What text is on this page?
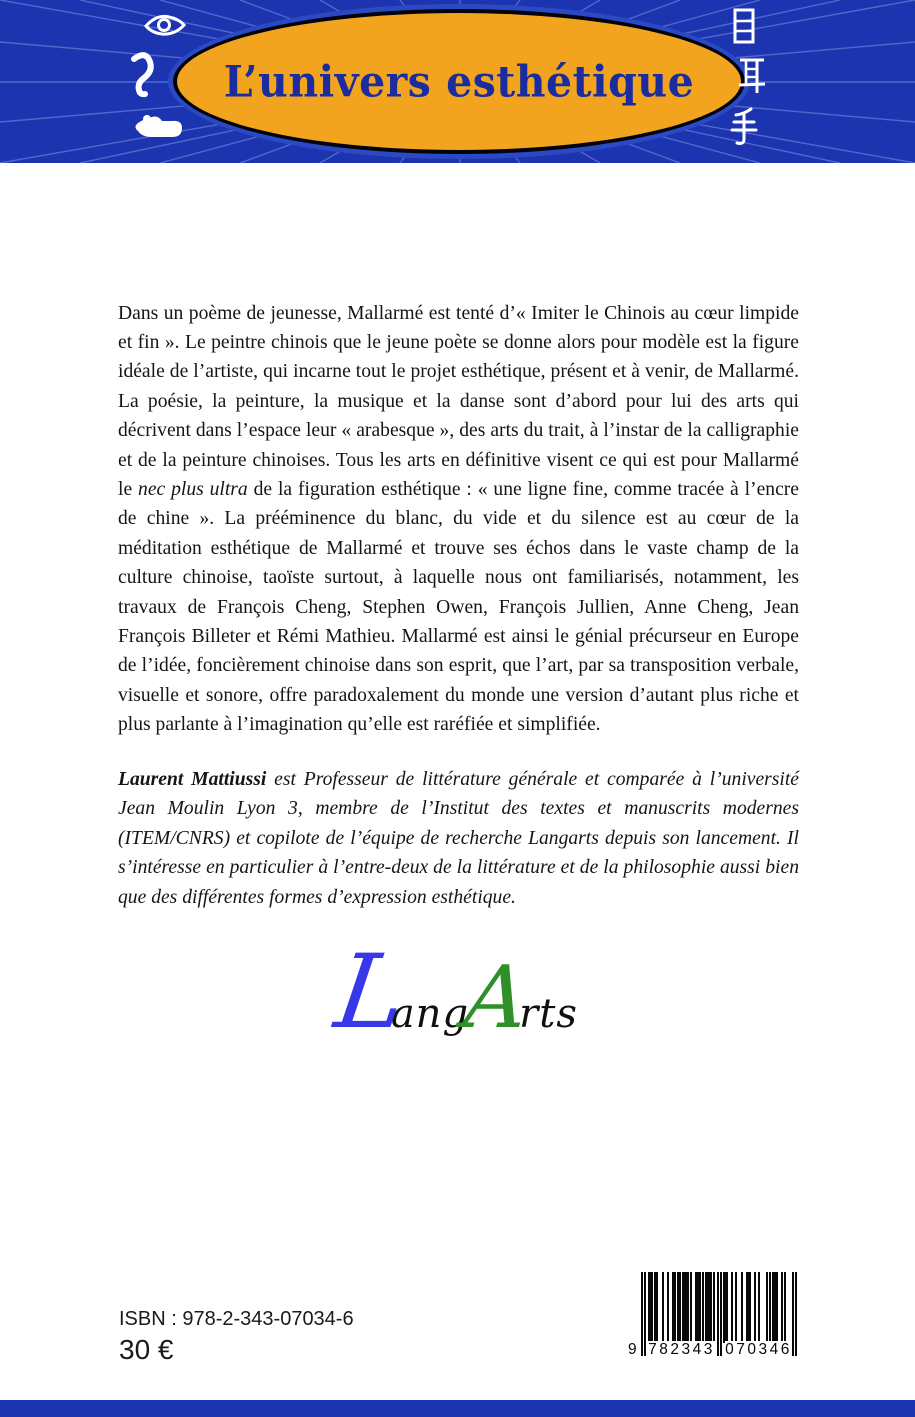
L’univers esthétique

Dans un poème de jeunesse, Mallarmé est tenté d’« Imiter le Chinois au cœur limpide et fin ». Le peintre chinois que le jeune poète se donne alors pour modèle est la figure idéale de l’artiste, qui incarne tout le projet esthétique, présent et à venir, de Mallarmé. La poésie, la peinture, la musique et la danse sont d’abord pour lui des arts qui décrivent dans l’espace leur « arabesque », des arts du trait, à l’instar de la calligraphie et de la peinture chinoises. Tous les arts en définitive visent ce qui est pour Mallarmé le nec plus ultra de la figuration esthétique : « une ligne fine, comme tracée à l’encre de chine ». La prééminence du blanc, du vide et du silence est au cœur de la méditation esthétique de Mallarmé et trouve ses échos dans le vaste champ de la culture chinoise, taoïste surtout, à laquelle nous ont familiarisés, notamment, les travaux de François Cheng, Stephen Owen, François Jullien, Anne Cheng, Jean François Billeter et Rémi Mathieu. Mallarmé est ainsi le génial précurseur en Europe de l’idée, foncièrement chinoise dans son esprit, que l’art, par sa transposition verbale, visuelle et sonore, offre paradoxalement du monde une version d’autant plus riche et plus parlante à l’imagination qu’elle est raréfiée et simplifiée.

Laurent Mattiussi est Professeur de littérature générale et comparée à l’université Jean Moulin Lyon 3, membre de l’Institut des textes et manuscrits modernes (ITEM/CNRS) et copilote de l’équipe de recherche Langarts depuis son lancement. Il s’intéresse en particulier à l’entre-deux de la littérature et de la philosophie aussi bien que des différentes formes d’expression esthétique.

L
ang
A
rts
ISBN : 978-2-343-07034-6
30 €	9 782343 070346
